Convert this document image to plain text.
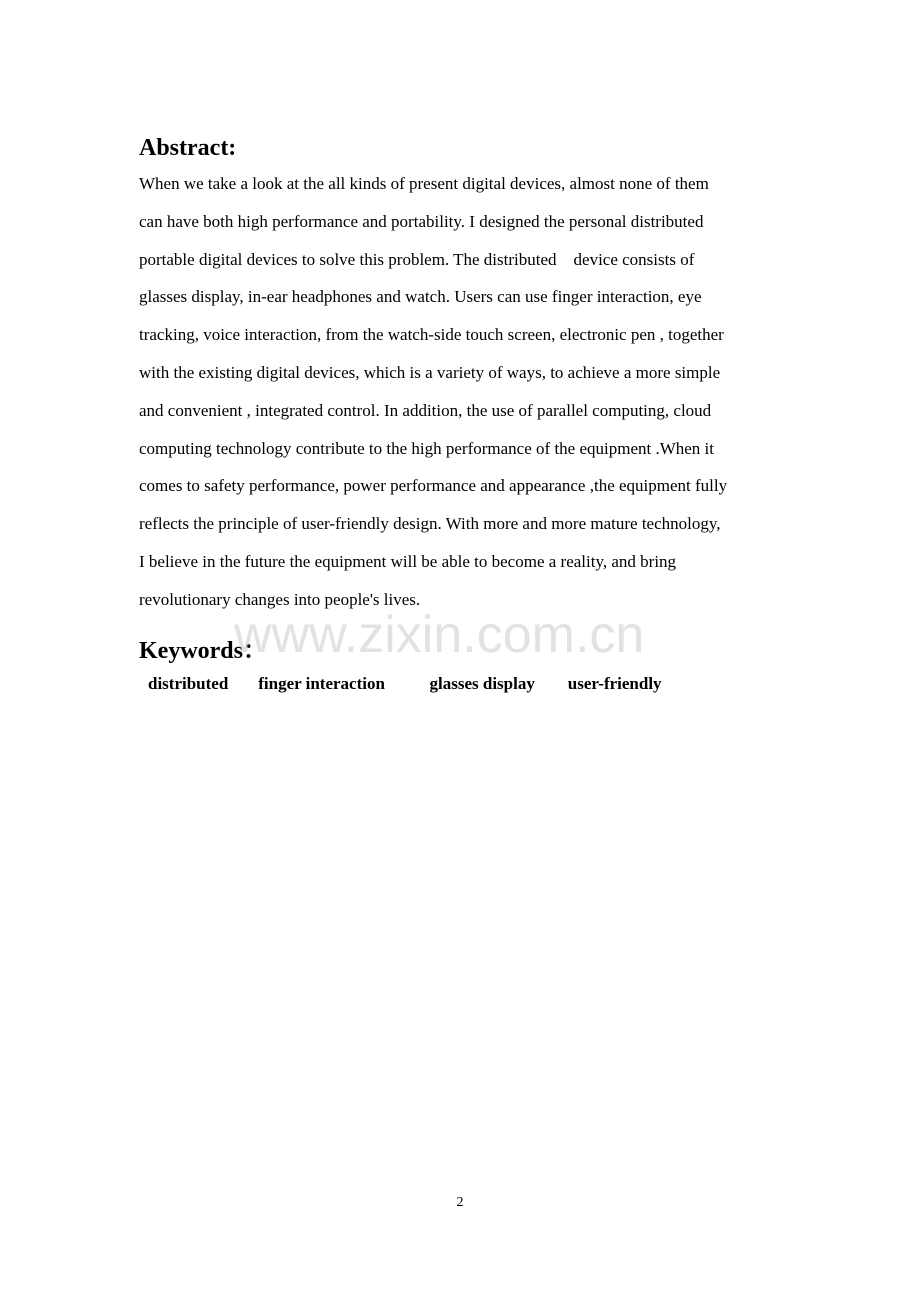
Abstract:

When we take a look at the all kinds of present digital devices, almost none of them
can have both high performance and portability. I designed the personal distributed
portable digital devices to solve this problem. The distributed    device consists of
glasses display, in-ear headphones and watch. Users can use finger interaction, eye
tracking, voice interaction, from the watch-side touch screen, electronic pen , together
with the existing digital devices, which is a variety of ways, to achieve a more simple
and convenient , integrated control. In addition, the use of parallel computing, cloud
computing technology contribute to the high performance of the equipment .When it
comes to safety performance, power performance and appearance ,the equipment fully
reflects the principle of user-friendly design. With more and more mature technology,
I believe in the future the equipment will be able to become a reality, and bring
revolutionary changes into people's lives.

Keywords：
distributed finger interaction	glasses display user-friendly
www.zixin.com.cn
2
